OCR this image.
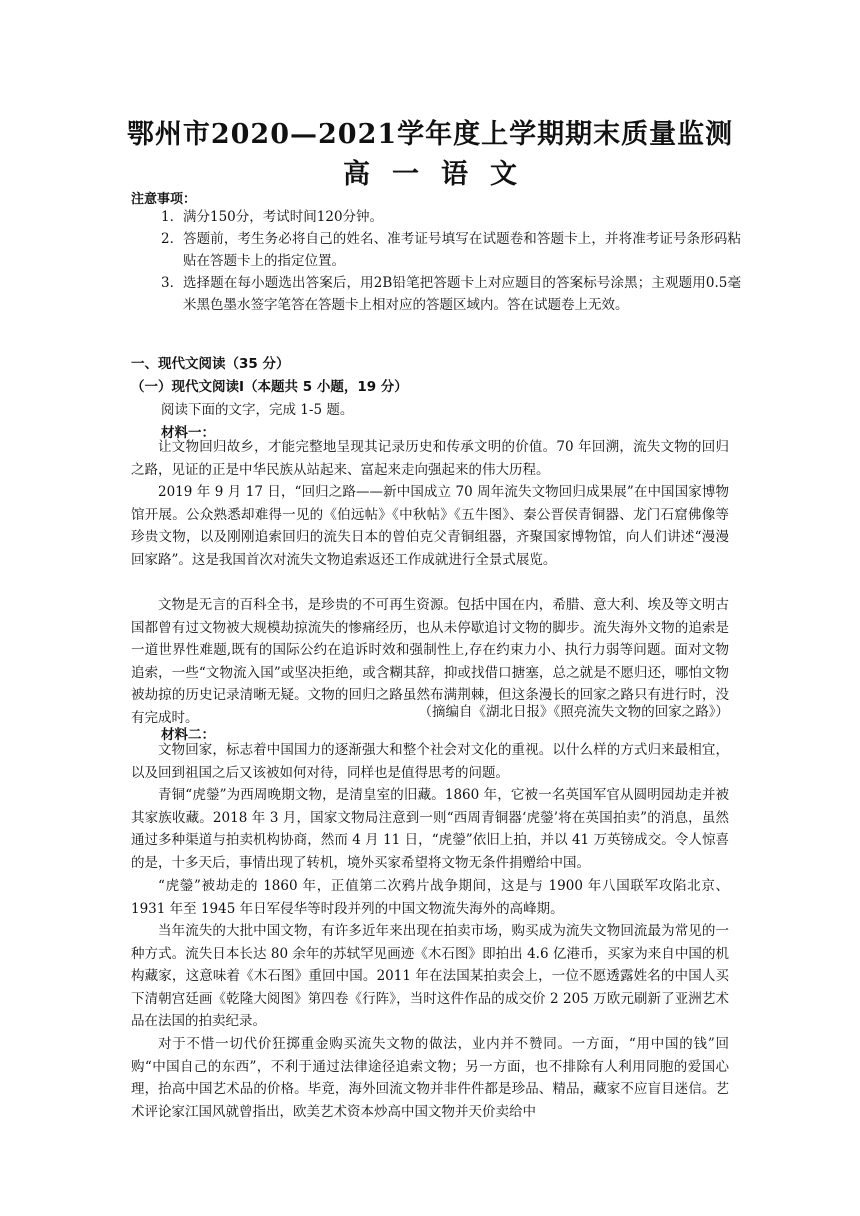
鄂州市2020—2021学年度上学期期末质量监测
高一语文
注意事项：
1． 满分150分，考试时间120分钟。
2． 答题前，考生务必将自己的姓名、准考证号填写在试题卷和答题卡上，并将准考证号条形码粘贴在答题卡上的指定位置。
3． 选择题在每小题选出答案后，用2B铅笔把答题卡上对应题目的答案标号涂黑；主观题用0.5毫米黑色墨水签字笔答在答题卡上相对应的答题区域内。答在试题卷上无效。
一、现代文阅读（35 分）
（一）现代文阅读Ⅰ（本题共 5 小题，19 分）
阅读下面的文字，完成 1-5 题。
材料一：
让文物回归故乡，才能完整地呈现其记录历史和传承文明的价值。70 年回溯，流失文物的回归之路，见证的正是中华民族从站起来、富起来走向强起来的伟大历程。
2019 年 9 月 17 日，“回归之路——新中国成立 70 周年流失文物回归成果展”在中国国家博物馆开展。公众熟悉却难得一见的《伯远帖》《中秋帖》《五牛图》、秦公晋侯青铜器、龙门石窟佛像等珍贵文物，以及刚刚追索回归的流失日本的曾伯克父青铜组器，齐聚国家博物馆，向人们讲述“漫漫回家路”。这是我国首次对流失文物追索返还工作成就进行全景式展览。
文物是无言的百科全书，是珍贵的不可再生资源。包括中国在内，希腊、意大利、埃及等文明古国都曾有过文物被大规模劫掠流失的惨痛经历，也从未停歇追讨文物的脚步。流失海外文物的追索是一道世界性难题,既有的国际公约在追诉时效和强制性上,存在约束力小、执行力弱等问题。面对文物追索，一些“文物流入国”或坚决拒绝，或含糊其辞，抑或找借口搪塞，总之就是不愿归还，哪怕文物被劫掠的历史记录清晰无疑。文物的回归之路虽然布满荆棘，但这条漫长的回家之路只有进行时，没有完成时。	（摘编自《湖北日报》《照亮流失文物的回家之路》）
材料二：
文物回家，标志着中国国力的逐渐强大和整个社会对文化的重视。以什么样的方式归来最相宜，以及回到祖国之后又该被如何对待，同样也是值得思考的问题。
青铜“虎鎣”为西周晚期文物，是清皇室的旧藏。1860 年，它被一名英国军官从圆明园劫走并被其家族收藏。2018 年 3 月，国家文物局注意到一则“西周青铜器‘虎鎣’将在英国拍卖”的消息，虽然通过多种渠道与拍卖机构协商，然而 4 月 11 日，“虎鎣”依旧上拍，并以 41 万英镑成交。令人惊喜的是，十多天后，事情出现了转机，境外买家希望将文物无条件捐赠给中国。
“虎鎣”被劫走的 1860 年，正值第二次鸦片战争期间，这是与 1900 年八国联军攻陷北京、1931 年至 1945 年日军侵华等时段并列的中国文物流失海外的高峰期。
当年流失的大批中国文物，有许多近年来出现在拍卖市场，购买成为流失文物回流最为常见的一种方式。流失日本长达 80 余年的苏轼罕见画迹《木石图》即拍出 4.6 亿港币，买家为来自中国的机构藏家，这意味着《木石图》重回中国。2011 年在法国某拍卖会上，一位不愿透露姓名的中国人买下清朝宫廷画《乾隆大阅图》第四卷《行阵》，当时这件作品的成交价 2 205 万欧元刷新了亚洲艺术品在法国的拍卖纪录。
对于不惜一切代价狂掷重金购买流失文物的做法，业内并不赞同。一方面，“用中国的钱”回购“中国自己的东西”，不利于通过法律途径追索文物；另一方面，也不排除有人利用同胞的爱国心理，抬高中国艺术品的价格。毕竟，海外回流文物并非件件都是珍品、精品，藏家不应盲目迷信。艺术评论家江国风就曾指出，欧美艺术资本炒高中国文物并天价卖给中
